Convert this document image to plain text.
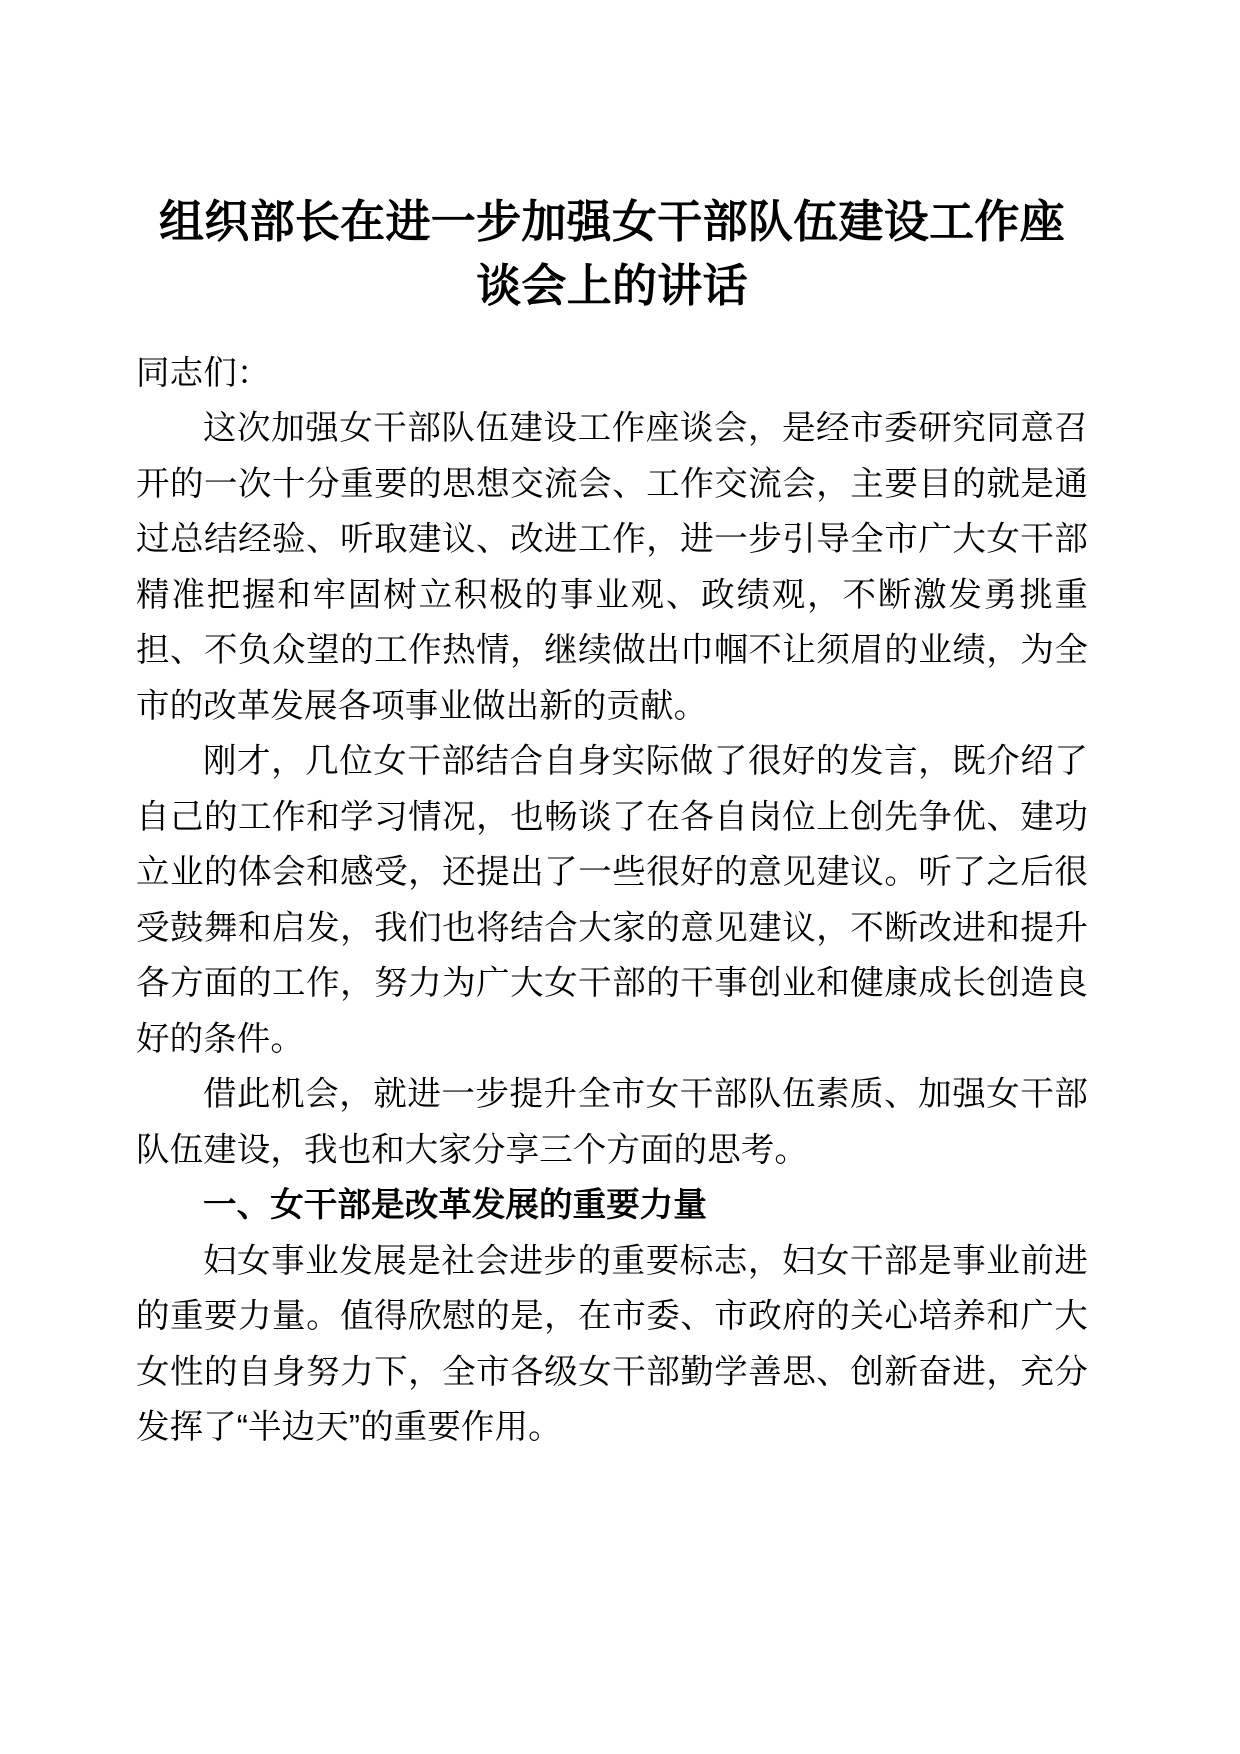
组织部长在进一步加强女干部队伍建设工作座谈会上的讲话

同志们：

这次加强女干部队伍建设工作座谈会，是经市委研究同意召开的一次十分重要的思想交流会、工作交流会，主要目的就是通过总结经验、听取建议、改进工作，进一步引导全市广大女干部精准把握和牢固树立积极的事业观、政绩观，不断激发勇挑重担、不负众望的工作热情，继续做出巾帼不让须眉的业绩，为全市的改革发展各项事业做出新的贡献。

刚才，几位女干部结合自身实际做了很好的发言，既介绍了自己的工作和学习情况，也畅谈了在各自岗位上创先争优、建功立业的体会和感受，还提出了一些很好的意见建议。听了之后很受鼓舞和启发，我们也将结合大家的意见建议，不断改进和提升各方面的工作，努力为广大女干部的干事创业和健康成长创造良好的条件。

借此机会，就进一步提升全市女干部队伍素质、加强女干部队伍建设，我也和大家分享三个方面的思考。

一、女干部是改革发展的重要力量

妇女事业发展是社会进步的重要标志，妇女干部是事业前进的重要力量。值得欣慰的是，在市委、市政府的关心培养和广大女性的自身努力下，全市各级女干部勤学善思、创新奋进，充分发挥了“半边天”的重要作用。
